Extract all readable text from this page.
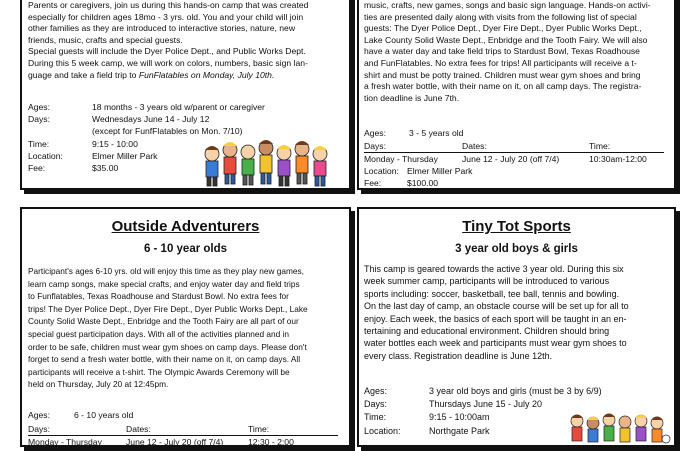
Parents or caregivers, join us during this hands-on camp that was created
especially for children ages 18mo - 3 yrs. old. You and your child will join
other families as they are introduced to interactive stories, nature, new
friends, music, crafts and special guests.
Special guests will include the Dyer Police Dept., and Public Works Dept.
During this 5 week camp, we will work on colors, numbers, basic sign lan-
guage and take a field trip to FunFlatables on Monday, July 10th.
Ages:	18 months - 3 years old w/parent or caregiver
Days:	Wednesdays June 14 - July 12
(except for FunfFlatables on Mon. 7/10)
Time:	9:15 - 10:00
Location:	Elmer Miller Park
Fee:	$35.00
music, crafts, new games, songs and basic sign language. Hands-on activi-
ties are presented daily along with visits from the following list of special
guests: The Dyer Police Dept., Dyer Fire Dept., Dyer Public Works Dept.,
Lake County Solid Waste Dept., Enbridge and the Tooth Fairy. We will also
have a water day and take field trips to Stardust Bowl, Texas Roadhouse
and FunFlatables. No extra fees for trips! All participants will receive a t-
shirt and must be potty trained. Children must wear gym shoes and bring
a fresh water bottle, with their name on it, on all camp days. The registra-
tion deadline is June 7th.
Ages:	3 - 5 years old
Days:	Dates:	Time:
Monday - Thursday	June 12 - July 20 (off 7/4)	10:30am-12:00
Location: Elmer Miller Park
Fee:	$100.00
Outside Adventurers
6 - 10 year olds
Participant's ages 6-10 yrs. old will enjoy this time as they play new games,
learn camp songs, make special crafts, and enjoy water day and field trips
to Funflatables, Texas Roadhouse and Stardust Bowl. No extra fees for
trips! The Dyer Police Dept., Dyer Fire Dept., Dyer Public Works Dept., Lake
County Solid Waste Dept., Enbridge and the Tooth Fairy are all part of our
special guest participation days. With all of the activities planned and in
order to be safe, children must wear gym shoes on camp days. Please don't
forget to send a fresh water bottle, with their name on it, on camp days. All
participants will receive a t-shirt. The Olympic Awards Ceremony will be
held on Thursday, July 20 at 12:45pm.
Ages:	6 - 10 years old
Days:	Dates:	Time:
Monday - Thursday	June 12 - July 20 (off 7/4)	12:30 - 2:00
Tiny Tot Sports
3 year old boys & girls
This camp is geared towards the active 3 year old. During this six
week summer camp, participants will be introduced to various
sports including: soccer, basketball, tee ball, tennis and bowling.
On the last day of camp, an obstacle course will be set up for all to
enjoy. Each week, the basics of each sport will be taught in an en-
tertaining and educational environment. Children should bring
water bottles each week and participants must wear gym shoes to
every class. Registration deadline is June 12th.
Ages:	3 year old boys and girls (must be 3 by 6/9)
Days:	Thursdays June 15 - July 20
Time:	9:15 - 10:00am
Location:	Northgate Park
